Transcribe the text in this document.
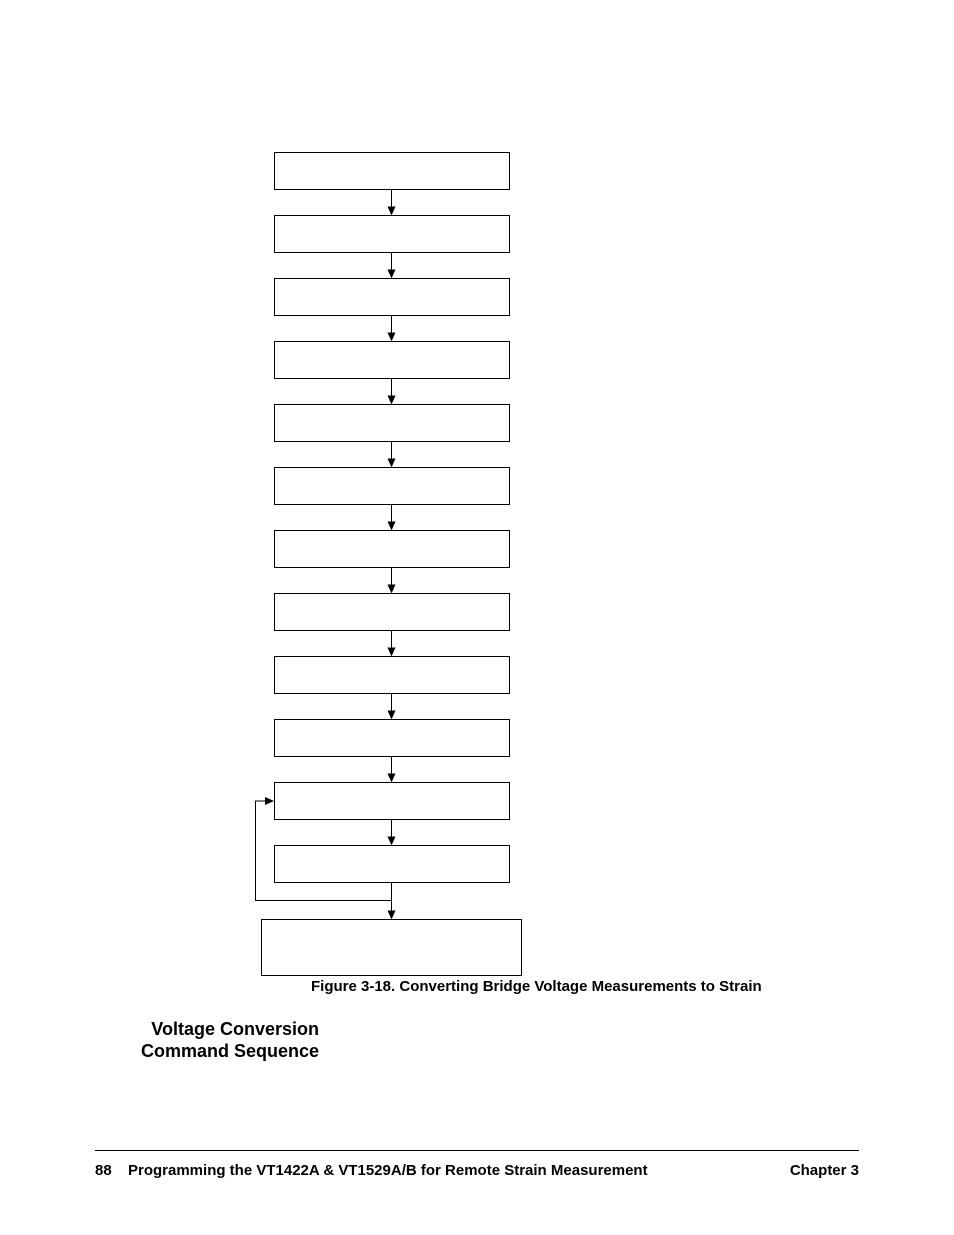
Figure 3-18. Converting Bridge Voltage Measurements to Strain
Voltage Conversion
Command Sequence
88 Programming the VT1422A & VT1529A/B for Remote Strain Measurement	Chapter 3
